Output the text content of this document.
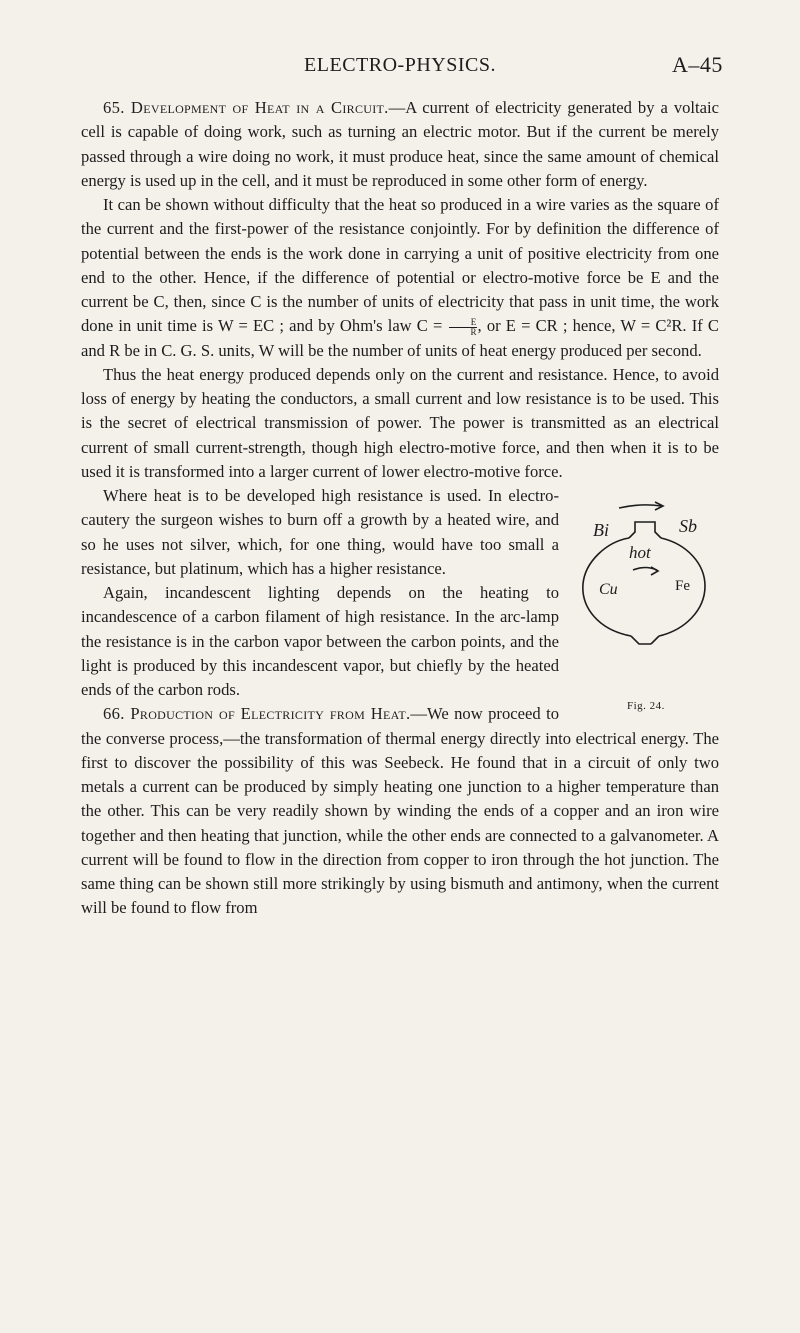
ELECTRO-PHYSICS.	A–45

65. Development of Heat in a Circuit.—A current of electricity generated by a voltaic cell is capable of doing work, such as turning an electric motor. But if the current be merely passed through a wire doing no work, it must produce heat, since the same amount of chemical energy is used up in the cell, and it must be reproduced in some other form of energy.

It can be shown without difficulty that the heat so produced in a wire varies as the square of the current and the first-power of the resistance conjointly. For by definition the difference of potential between the ends is the work done in carrying a unit of positive electricity from one end to the other. Hence, if the difference of potential or electro-motive force be E and the current be C, then, since C is the number of units of electricity that pass in unit time, the work done in unit time is W = EC ; and by Ohm's law $C = \frac{E}{R}$ , or E = CR ; hence, W = C²R. If C and R be in C. G. S. units, W will be the number of units of heat energy produced per second.

Thus the heat energy produced depends only on the current and resistance. Hence, to avoid loss of energy by heating the conductors, a small current and low resistance is to be used. This is the secret of electrical transmission of power. The power is transmitted as an electrical current of small current-strength, though high electro-motive force, and then when it is to be used it is transformed into a larger current of lower electro-motive force.

Bi	Sb
hot
Cu	Fe
Fig. 24.

Where heat is to be developed high resistance is used. In electro-cautery the surgeon wishes to burn off a growth by a heated wire, and so he uses not silver, which, for one thing, would have too small a resistance, but platinum, which has a higher resistance.

Again, incandescent lighting depends on the heating to incandescence of a carbon filament of high resistance. In the arc-lamp the resistance is in the carbon vapor between the carbon points, and the light is produced by this incandescent vapor, but chiefly by the heated ends of the carbon rods.

66. Production of Electricity from Heat.—We now proceed to the converse process,—the transformation of thermal energy directly into electrical energy. The first to discover the possibility of this was Seebeck. He found that in a circuit of only two metals a current can be produced by simply heating one junction to a higher temperature than the other. This can be very readily shown by winding the ends of a copper and an iron wire together and then heating that junction, while the other ends are connected to a galvanometer. A current will be found to flow in the direction from copper to iron through the hot junction. The same thing can be shown still more strikingly by using bismuth and antimony, when the current will be found to flow from
